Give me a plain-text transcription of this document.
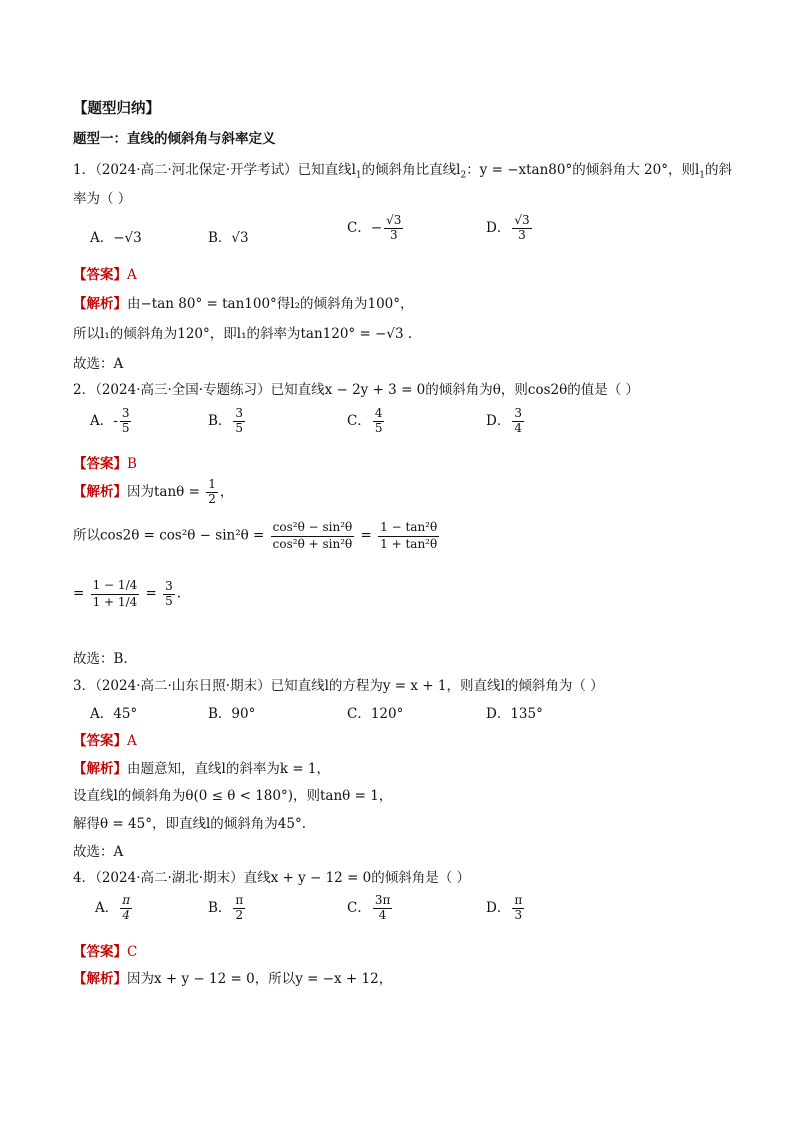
【题型归纳】
题型一：直线的倾斜角与斜率定义
1．（2024·高二·河北保定·开学考试）已知直线$l_1$的倾斜角比直线$l_2$：y = −xtan80°的倾斜角大 20°，则$l_1$的斜
率为（ ）
A．−√3	B．√3
C．− $\frac{√3}{3}$	D． $\frac{√3}{3}$
【答案】A
【解析】由−tan 80° = tan100°得l₂的倾斜角为100°，
所以l₁的倾斜角为120°，即l₁的斜率为tan120° = −√3 .
故选：A
2．（2024·高三·全国·专题练习）已知直线x − 2y + 3 = 0的倾斜角为θ，则cos2θ的值是（ ）
A．- $\frac{3}{5}$	B． $\frac{3}{5}$	C． $\frac{4}{5}$	D． $\frac{3}{4}$
【答案】B
【解析】因为$\tan\theta = \frac{1}{2}$ ，
所以$\cos 2\theta = \cos^2\theta - \sin^2\theta = \frac{\text{cos²θ − sin²θ}}{\text{cos²θ + sin²θ}} = \frac{\text{1 − tan²θ}}{\text{1 + tan²θ}}$
= $\frac{1 - 1/4}{1 + 1/4} = \frac{3}{5}$ .
故选：B.
3．（2024·高二·山东日照·期末）已知直线l的方程为y = x + 1，则直线l的倾斜角为（ ）
A．45°	B．90°	C．120°	D．135°
【答案】A
【解析】由题意知，直线l的斜率为k = 1，
设直线l的倾斜角为θ(0 ≤ θ < 180°)，则tanθ = 1，
解得θ = 45°，即直线l的倾斜角为45°.
故选：A
4．（2024·高二·湖北·期末）直线x + y − 12 = 0的倾斜角是（ ）
A． $\frac{\pi}{4}$	B． $\frac{\pi}{2}$	C． $\frac{3\pi}{4}$	D． $\frac{\pi}{3}$
【答案】C
【解析】因为x + y − 12 = 0，所以y = −x + 12，
